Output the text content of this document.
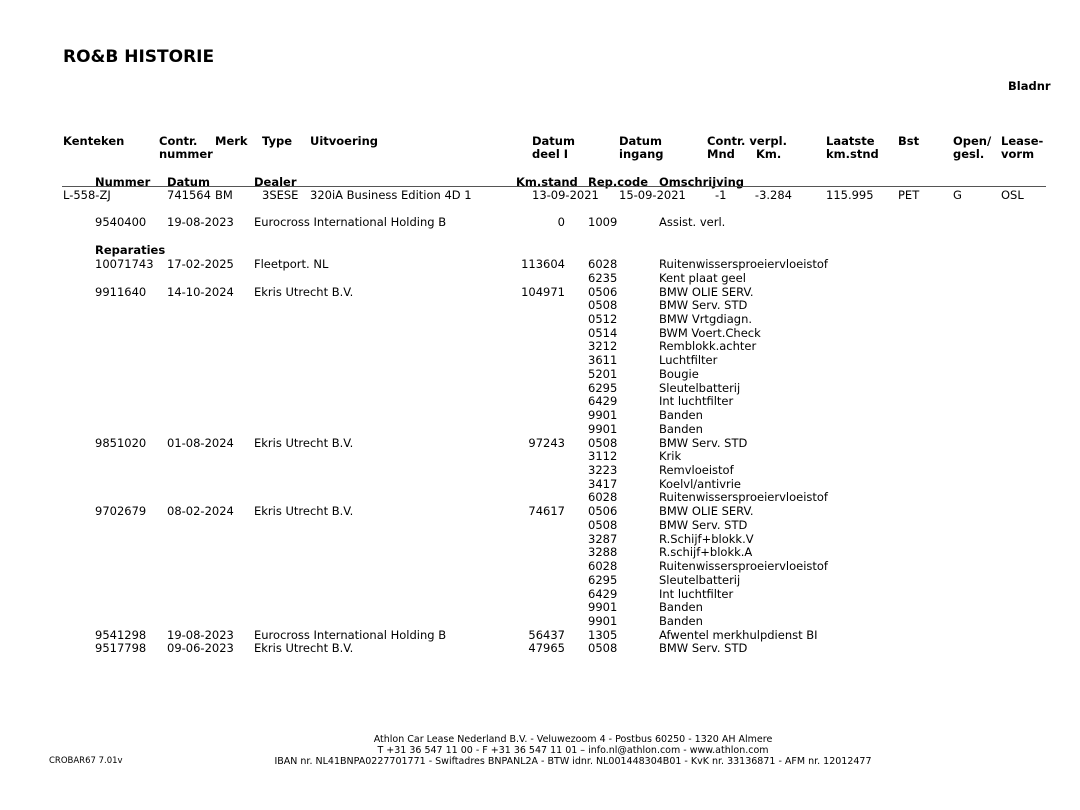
RO&B HISTORIE
Bladnr
Kenteken	Contr.
nummer
Merk Type Uitvoering	Datum
deel I
Datum
ingang
Contr. verpl.
Mnd Km.
Laatste
km.stnd
Bst	Open/
gesl.
Lease-
vorm
Nummer Datum	Dealer	Km.stand Rep.code Omschrijving
L-558-ZJ	741564 BM	3SESE 320iA Business Edition 4D 1	13-09-2021 15-09-2021	-1	-3.284	115.995 PET	G	OSL
9540400 19-08-2023 Eurocross International Holding B	0 1009	Assist. verl.
Reparaties
10071743 17-02-2025 Fleetport. NL	113604 6028	Ruitenwissersproeiervloeistof
6235	Kent plaat geel
9911640 14-10-2024 Ekris Utrecht B.V.	104971 0506	BMW OLIE SERV.
0508	BMW Serv. STD
0512	BMW Vrtgdiagn.
0514	BWM Voert.Check
3212	Remblokk.achter
3611	Luchtfilter
5201	Bougie
6295	Sleutelbatterij
6429	Int luchtfilter
9901	Banden
9901	Banden
9851020 01-08-2024 Ekris Utrecht B.V.	97243 0508	BMW Serv. STD
3112	Krik
3223	Remvloeistof
3417	Koelvl/antivrie
6028	Ruitenwissersproeiervloeistof
9702679 08-02-2024 Ekris Utrecht B.V.	74617 0506	BMW OLIE SERV.
0508	BMW Serv. STD
3287	R.Schijf+blokk.V
3288	R.schijf+blokk.A
6028	Ruitenwissersproeiervloeistof
6295	Sleutelbatterij
6429	Int luchtfilter
9901	Banden
9901	Banden
9541298 19-08-2023 Eurocross International Holding B	56437 1305	Afwentel merkhulpdienst BI
9517798 09-06-2023 Ekris Utrecht B.V.	47965 0508	BMW Serv. STD
Athlon Car Lease Nederland B.V. - Veluwezoom 4 - Postbus 60250 - 1320 AH Almere
T +31 36 547 11 00 - F +31 36 547 11 01 – info.nl@athlon.com - www.athlon.com
IBAN nr. NL41BNPA0227701771 - Swiftadres BNPANL2A - BTW idnr. NL001448304B01 - KvK nr. 33136871 - AFM nr. 12012477
CROBAR67 7.01v
